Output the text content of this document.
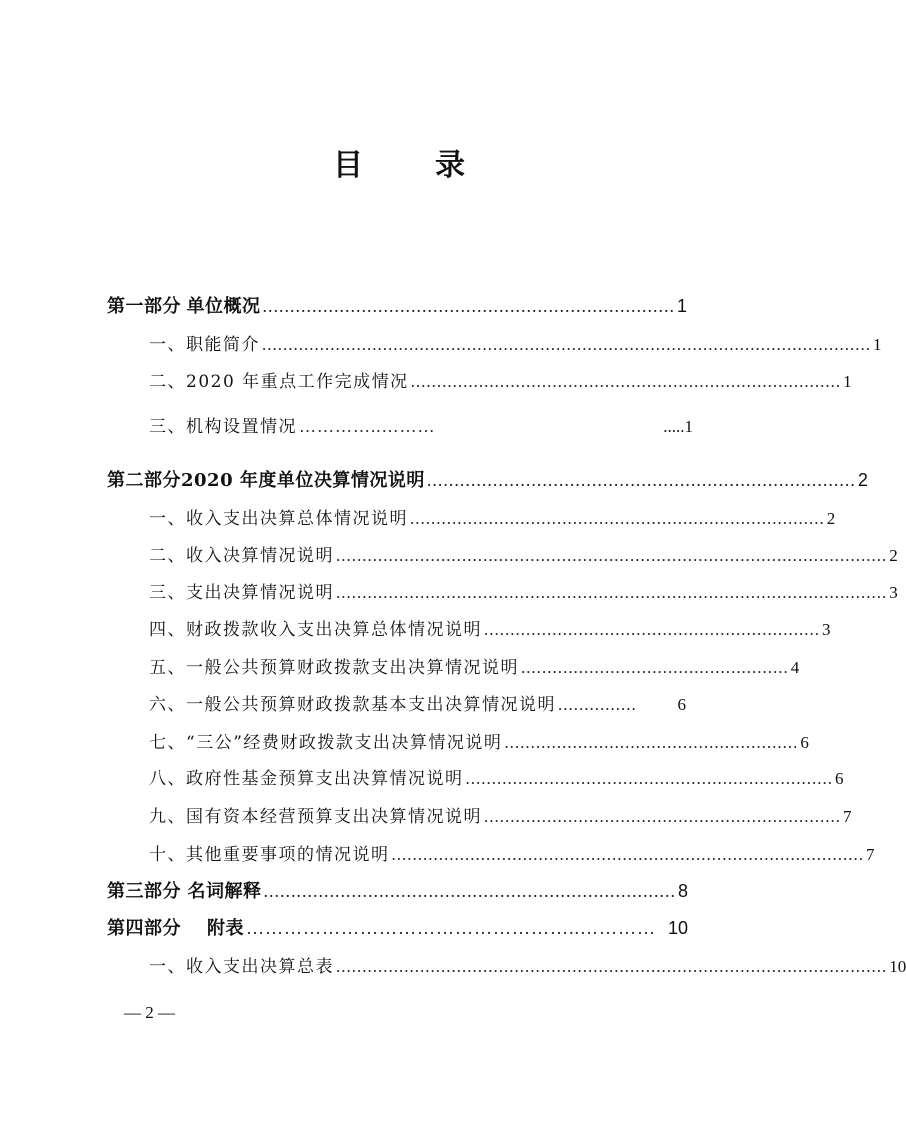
目 录
第一部分 单位概况 ........................................................................... 1
一、职能简介 .................................................................................................................... 1
二、2020 年重点工作完成情况 .................................................................................. 1
三、机构设置情况 …………..………	..... 1
第二部分 2020 年度单位决算情况说明 .............................................................................. 2
一、收入支出决算总体情况说明 ............................................................................... 2
二、收入决算情况说明 ......................................................................................................... 2
三、支出决算情况说明 ......................................................................................................... 3
四、财政拨款收入支出决算总体情况说明 ................................................................ 3
五、一般公共预算财政拨款支出决算情况说明 ................................................... 4
六、一般公共预算财政拨款基本支出决算情况说明 ...............	6
七、“三公”经费财政拨款支出决算情况说明 ........................................................ 6
八、政府性基金预算支出决算情况说明 ...................................................................... 6
九、国有资本经营预算支出决算情况说明 .................................................................... 7
十、其他重要事项的情况说明 .......................................................................................... 7
第三部分 名词解释 ........................................................................... 8
第四部分 附表 ……………………………………………..………… 10
一、收入支出决算总表 ......................................................................................................... 10
— 2 —
